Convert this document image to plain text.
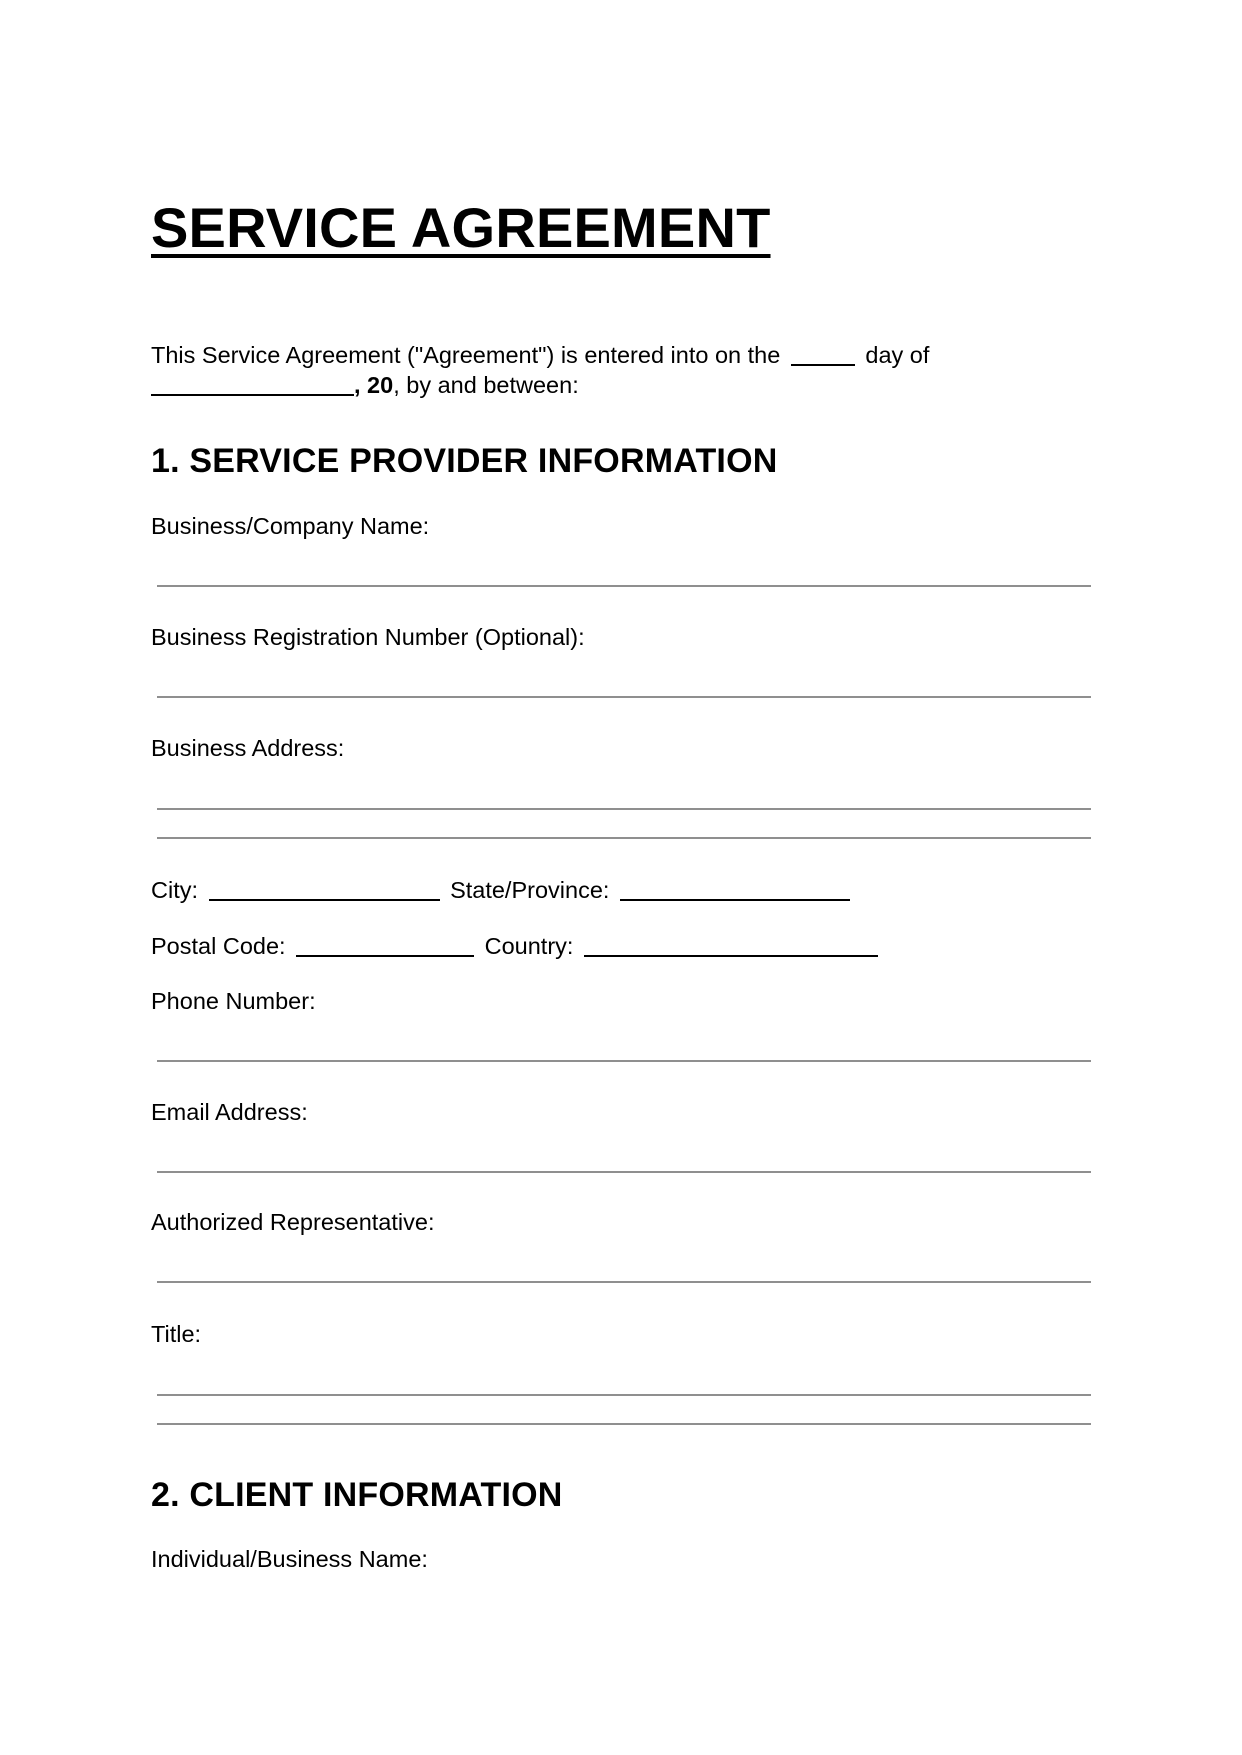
SERVICE AGREEMENT
This Service Agreement ("Agreement") is entered into on the	day of
, 20, by and between:
1. SERVICE PROVIDER INFORMATION
Business/Company Name:
Business Registration Number (Optional):
Business Address:
City:	State/Province:
Postal Code:	Country:
Phone Number:
Email Address:
Authorized Representative:
Title:
2. CLIENT INFORMATION
Individual/Business Name:
